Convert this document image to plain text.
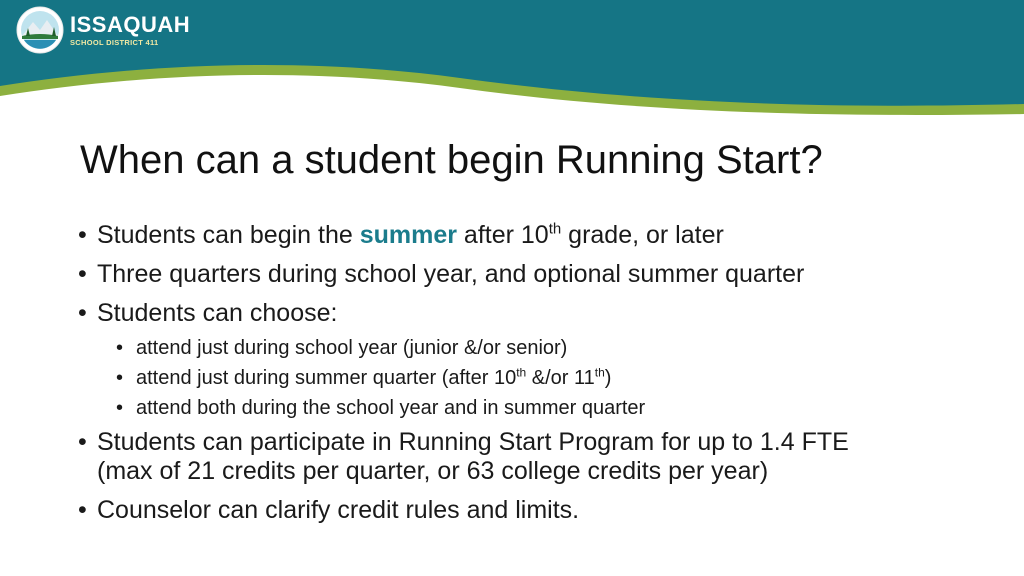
ISSAQUAH
SCHOOL DISTRICT 411
When can a student begin Running Start?
• Students can begin the summer after 10th grade, or later
• Three quarters during school year, and optional summer quarter
• Students can choose:
• attend just during school year (junior &/or senior)
• attend just during summer quarter (after 10th &/or 11th)
• attend both during the school year and in summer quarter
• Students can participate in Running Start Program for up to 1.4 FTE
(max of 21 credits per quarter, or 63 college credits per year)
• Counselor can clarify credit rules and limits.
